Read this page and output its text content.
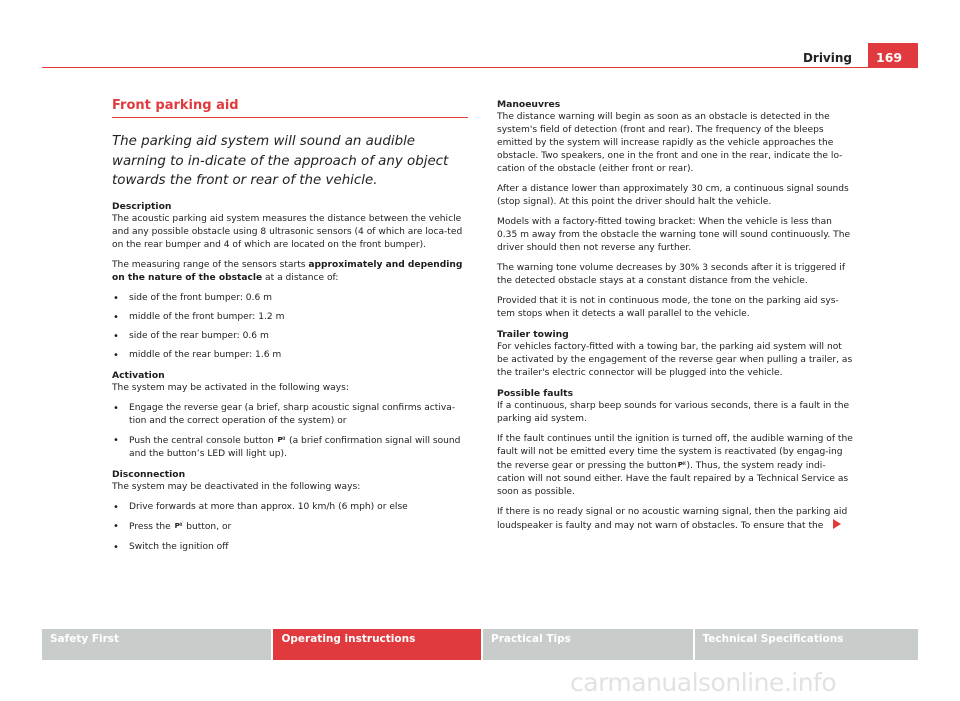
Driving	169
Front parking aid
The parking aid system will sound an audible warning to in-dicate of the approach of any object towards the front or rear of the vehicle.
Description

The acoustic parking aid system measures the distance between the vehicle and any possible obstacle using 8 ultrasonic sensors (4 of which are loca-ted on the rear bumper and 4 of which are located on the front bumper).

The measuring range of the sensors starts approximately and depending on the nature of the obstacle at a distance of:

• side of the front bumper: 0.6 m
• middle of the front bumper: 1.2 m
• side of the rear bumper: 0.6 m
• middle of the rear bumper: 1.6 m
Activation

The system may be activated in the following ways:

• Engage the reverse gear (a brief, sharp acoustic signal confirms activa-tion and the correct operation of the system) or
• Push the central console button P⁽⁽ (a brief confirmation signal will sound and the button’s LED will light up).
Disconnection

The system may be deactivated in the following ways:

• Drive forwards at more than approx. 10 km/h (6 mph) or else
• Press the P⁽⁽ button, or
• Switch the ignition off
Manoeuvres

The distance warning will begin as soon as an obstacle is detected in the system's field of detection (front and rear). The frequency of the bleeps emitted by the system will increase rapidly as the vehicle approaches the obstacle. Two speakers, one in the front and one in the rear, indicate the lo-cation of the obstacle (either front or rear).

After a distance lower than approximately 30 cm, a continuous signal sounds (stop signal). At this point the driver should halt the vehicle.

Models with a factory-fitted towing bracket: When the vehicle is less than 0.35 m away from the obstacle the warning tone will sound continuously. The driver should then not reverse any further.

The warning tone volume decreases by 30% 3 seconds after it is triggered if the detected obstacle stays at a constant distance from the vehicle.

Provided that it is not in continuous mode, the tone on the parking aid sys-tem stops when it detects a wall parallel to the vehicle.

Trailer towing

For vehicles factory-fitted with a towing bar, the parking aid system will not be activated by the engagement of the reverse gear when pulling a trailer, as the trailer's electric connector will be plugged into the vehicle.

Possible faults

If a continuous, sharp beep sounds for various seconds, there is a fault in the parking aid system.

If the fault continues until the ignition is turned off, the audible warning of the fault will not be emitted every time the system is reactivated (by engag-ing the reverse gear or pressing the buttonP⁽⁽). Thus, the system ready indi-cation will not sound either. Have the fault repaired by a Technical Service as soon as possible.

If there is no ready signal or no acoustic warning signal, then the parking aid loudspeaker is faulty and may not warn of obstacles. To ensure that the

Safety First	Operating instructions	Practical Tips	Technical Specifications
carmanualsonline.info
